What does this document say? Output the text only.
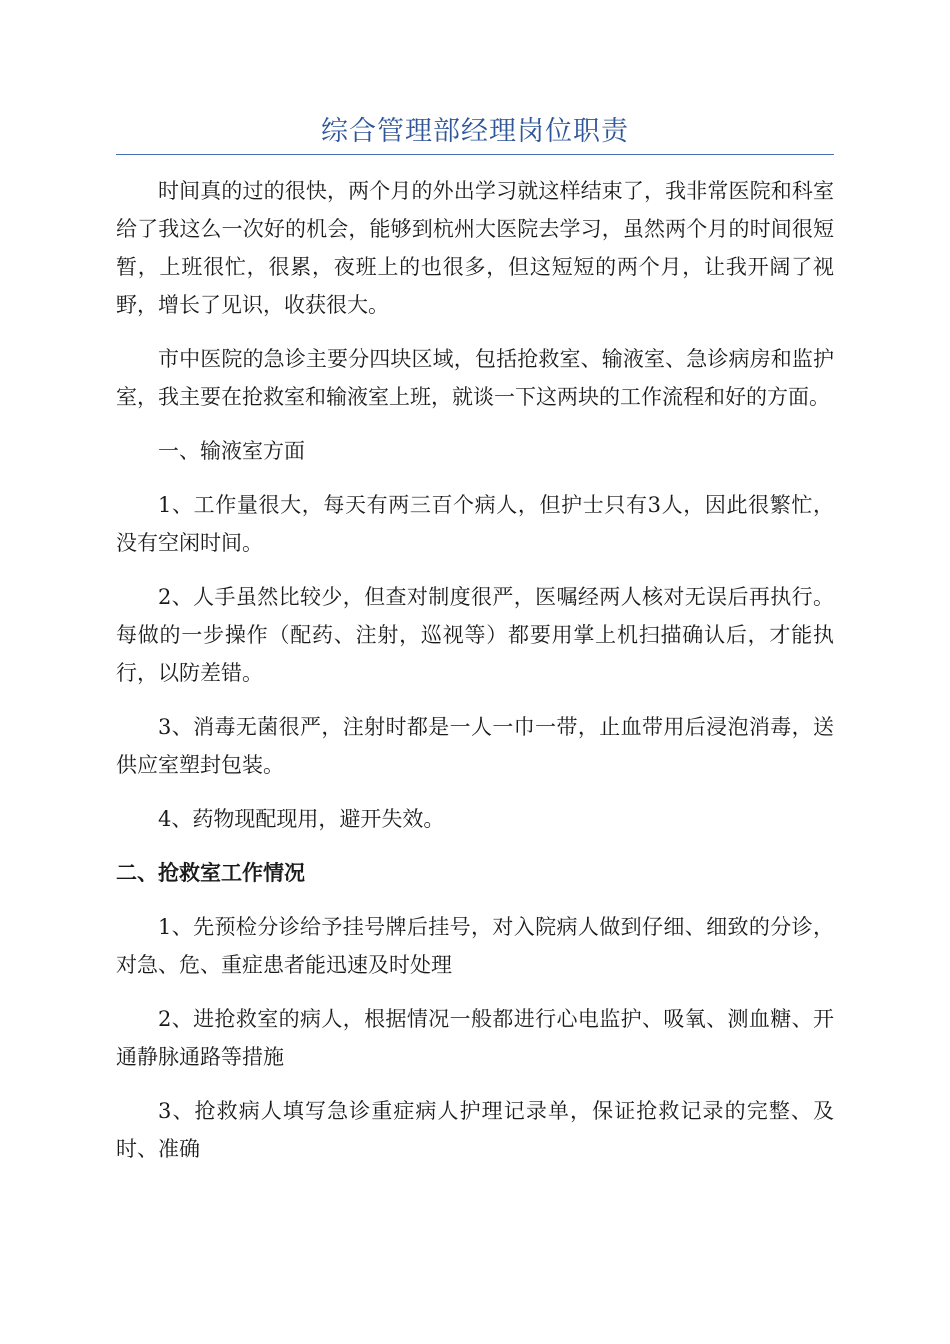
综合管理部经理岗位职责

时间真的过的很快，两个月的外出学习就这样结束了，我非常医院和科室给了我这么一次好的机会，能够到杭州大医院去学习，虽然两个月的时间很短暂，上班很忙，很累，夜班上的也很多，但这短短的两个月，让我开阔了视野，增长了见识，收获很大。

市中医院的急诊主要分四块区域，包括抢救室、输液室、急诊病房和监护室，我主要在抢救室和输液室上班，就谈一下这两块的工作流程和好的方面。

一、输液室方面

1、工作量很大，每天有两三百个病人，但护士只有3人，因此很繁忙，没有空闲时间。

2、人手虽然比较少，但查对制度很严，医嘱经两人核对无误后再执行。每做的一步操作（配药、注射，巡视等）都要用掌上机扫描确认后，才能执行，以防差错。

3、消毒无菌很严，注射时都是一人一巾一带，止血带用后浸泡消毒，送供应室塑封包装。

4、药物现配现用，避开失效。

二、抢救室工作情况

1、先预检分诊给予挂号牌后挂号，对入院病人做到仔细、细致的分诊，对急、危、重症患者能迅速及时处理

2、进抢救室的病人，根据情况一般都进行心电监护、吸氧、测血糖、开通静脉通路等措施

3、抢救病人填写急诊重症病人护理记录单，保证抢救记录的完整、及时、准确
